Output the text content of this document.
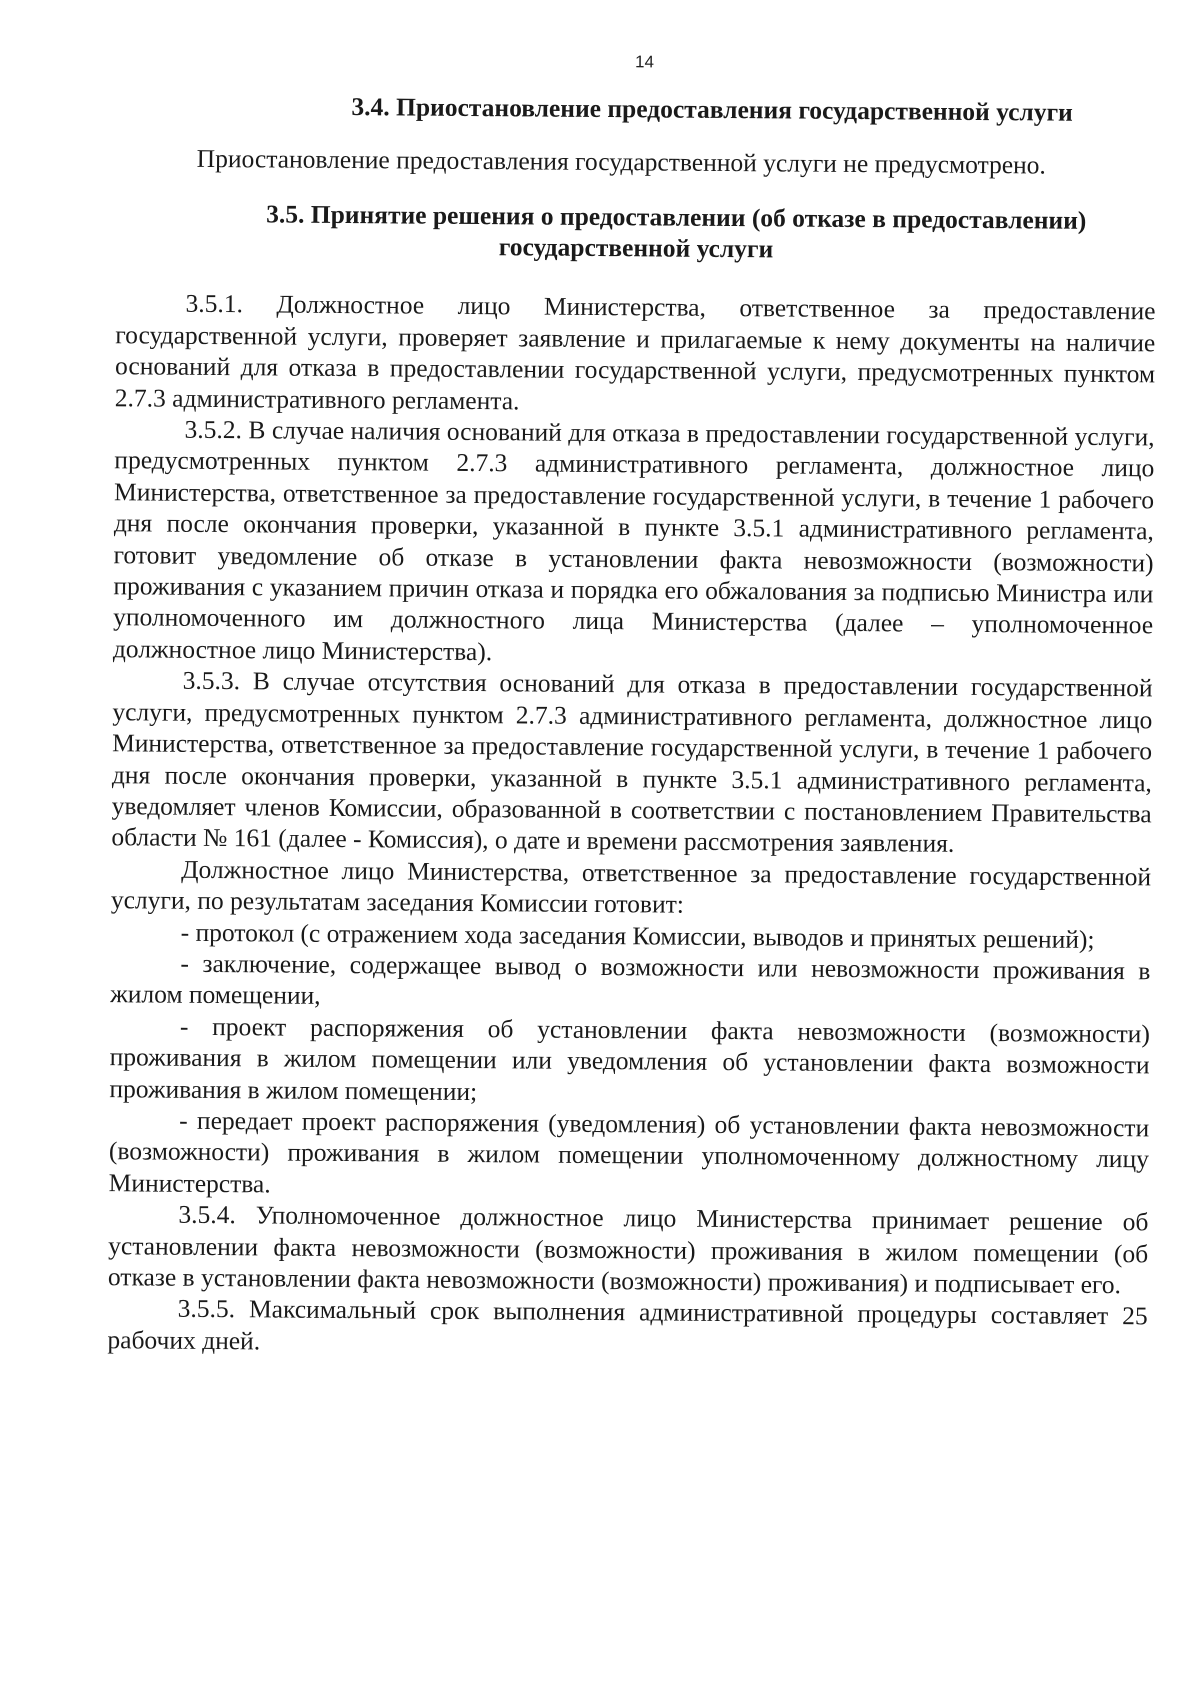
14
3.4. Приостановление предоставления государственной услуги

Приостановление предоставления государственной услуги не предусмотрено.

3.5. Принятие решения о предоставлении (об отказе в предоставлении)
государственной услуги

3.5.1. Должностное лицо Министерства, ответственное за предоставление государственной услуги, проверяет заявление и прилагаемые к нему документы на наличие оснований для отказа в предоставлении государственной услуги, предусмотренных пунктом 2.7.3 административного регламента.

3.5.2. В случае наличия оснований для отказа в предоставлении государственной услуги, предусмотренных пунктом 2.7.3 административного регламента, должностное лицо Министерства, ответственное за предоставление государственной услуги, в течение 1 рабочего дня после окончания проверки, указанной в пункте 3.5.1 административного регламента, готовит уведомление об отказе в установлении факта невозможности (возможности) проживания с указанием причин отказа и порядка его обжалования за подписью Министра или уполномоченного им должностного лица Министерства (далее – уполномоченное должностное лицо Министерства).

3.5.3. В случае отсутствия оснований для отказа в предоставлении государственной услуги, предусмотренных пунктом 2.7.3 административного регламента, должностное лицо Министерства, ответственное за предоставление государственной услуги, в течение 1 рабочего дня после окончания проверки, указанной в пункте 3.5.1 административного регламента, уведомляет членов Комиссии, образованной в соответствии с постановлением Правительства области № 161 (далее - Комиссия), о дате и времени рассмотрения заявления.

Должностное лицо Министерства, ответственное за предоставление государственной услуги, по результатам заседания Комиссии готовит:

- протокол (с отражением хода заседания Комиссии, выводов и принятых решений);

- заключение, содержащее вывод о возможности или невозможности проживания в жилом помещении,

- проект распоряжения об установлении факта невозможности (возможности) проживания в жилом помещении или уведомления об установлении факта возможности проживания в жилом помещении;

- передает проект распоряжения (уведомления) об установлении факта невозможности (возможности) проживания в жилом помещении уполномоченному должностному лицу Министерства.

3.5.4. Уполномоченное должностное лицо Министерства принимает решение об установлении факта невозможности (возможности) проживания в жилом помещении (об отказе в установлении факта невозможности (возможности) проживания) и подписывает его.

3.5.5. Максимальный срок выполнения административной процедуры составляет 25 рабочих дней.
